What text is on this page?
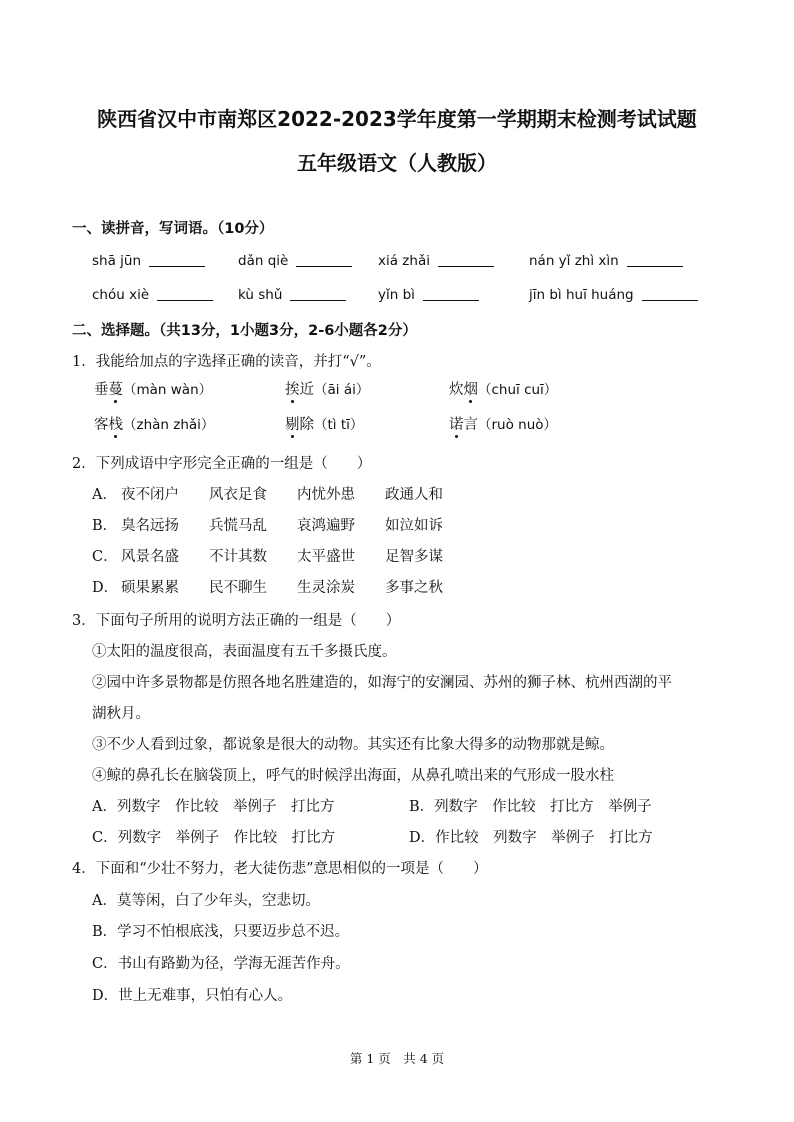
陕西省汉中市南郑区2022-2023学年度第一学期期末检测考试试题
五年级语文（人教版）
一、读拼音，写词语。（10分）
shā jūn	dǎn qiè	xiá zhǎi	nán yǐ zhì xìn
chóu xiè	kù shǔ	yǐn bì	jīn bì huī huáng
二、选择题。（共13分，1小题3分，2-6小题各2分）
1．我能给加点的字选择正确的读音，并打“√”。
垂蔓（màn wàn）	挨近（āi ái）	炊烟（chuī cuī）
客栈（zhàn zhǎi）	剔除（tì tī）	诺言（ruò nuò）
2．下列成语中字形完全正确的一组是（　　）
A． 夜不闭户 风衣足食 内忧外患 政通人和
B． 臭名远扬 兵慌马乱 哀鸿遍野 如泣如诉
C． 风景名盛 不计其数 太平盛世 足智多谋
D． 硕果累累 民不聊生 生灵涂炭 多事之秋
3．下面句子所用的说明方法正确的一组是（　　）
①太阳的温度很高，表面温度有五千多摄氏度。
②园中许多景物都是仿照各地名胜建造的，如海宁的安澜园、苏州的狮子林、杭州西湖的平
湖秋月。
③不少人看到过象，都说象是很大的动物。其实还有比象大得多的动物那就是鲸。
④鲸的鼻孔长在脑袋顶上，呼气的时候浮出海面，从鼻孔喷出来的气形成一股水柱
A．列数字　作比较　举例子　打比方	B．列数字　作比较　打比方　举例子
C．列数字　举例子　作比较　打比方	D．作比较　列数字　举例子　打比方
4．下面和“少壮不努力，老大徒伤悲”意思相似的一项是（　　）
A．莫等闲，白了少年头，空悲切。
B．学习不怕根底浅，只要迈步总不迟。
C．书山有路勤为径，学海无涯苦作舟。
D．世上无难事，只怕有心人。
第 1 页　共 4 页
